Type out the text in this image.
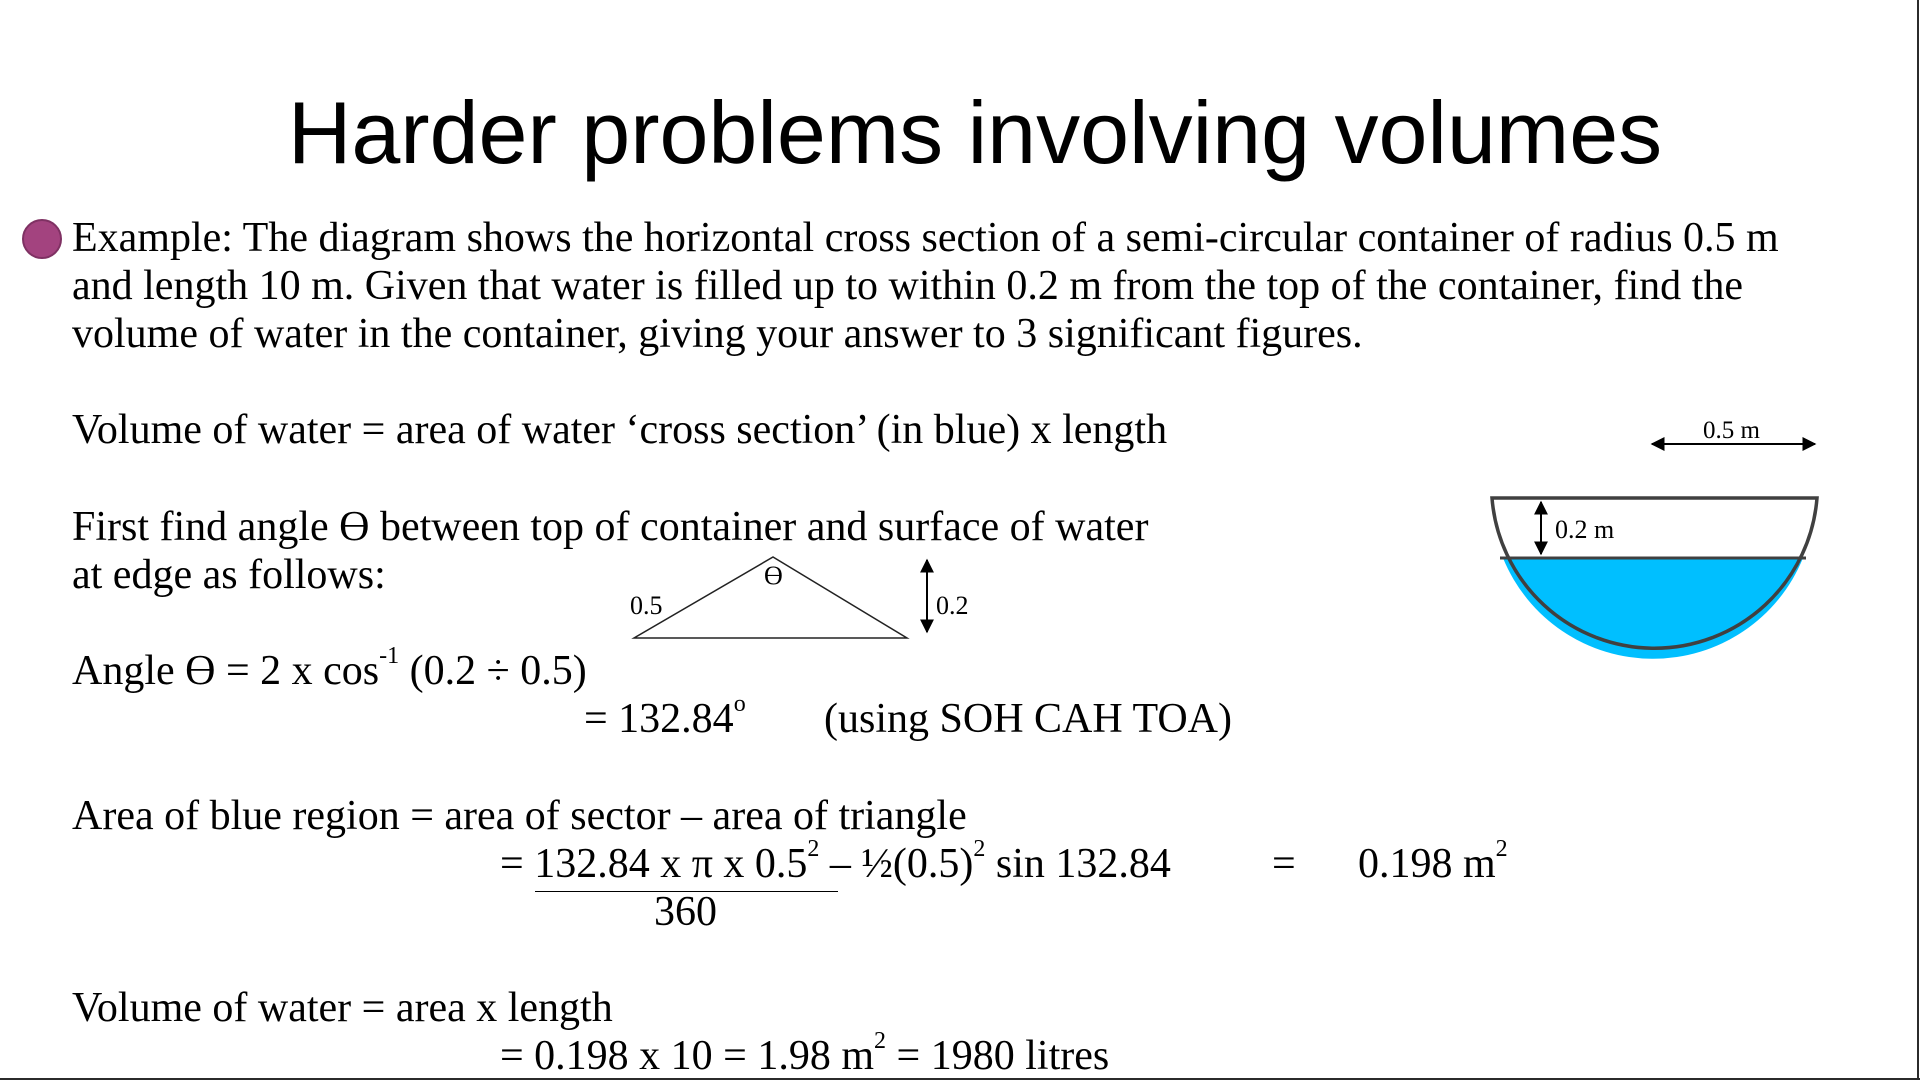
Harder problems involving volumes
Example: The diagram shows the horizontal cross section of a semi-circular container of radius 0.5 m
and length 10 m. Given that water is filled up to within 0.2 m from the top of the container, find the
volume of water in the container, giving your answer to 3 significant figures.
Volume of water = area of water ‘cross section’ (in blue) x length
First find angle ϴ between top of container and surface of water
at edge as follows:
Angle ϴ = 2 x $\cos^{-1} (0.2 \div 0.5)$
= $132.84^o$ (using SOH CAH TOA)
Area of blue region = area of sector – area of triangle
= 132.84 x π x $0.5^2$ – $\frac{1}{2}(0.5)^2$ sin 132.84 = 0.198 $m^2$
360
Volume of water = area x length
= 0.198 x 10 = 1.98 $m^2 = 1980$ litres
0.5
ϴ
0.2
0.5 m
0.2 m
